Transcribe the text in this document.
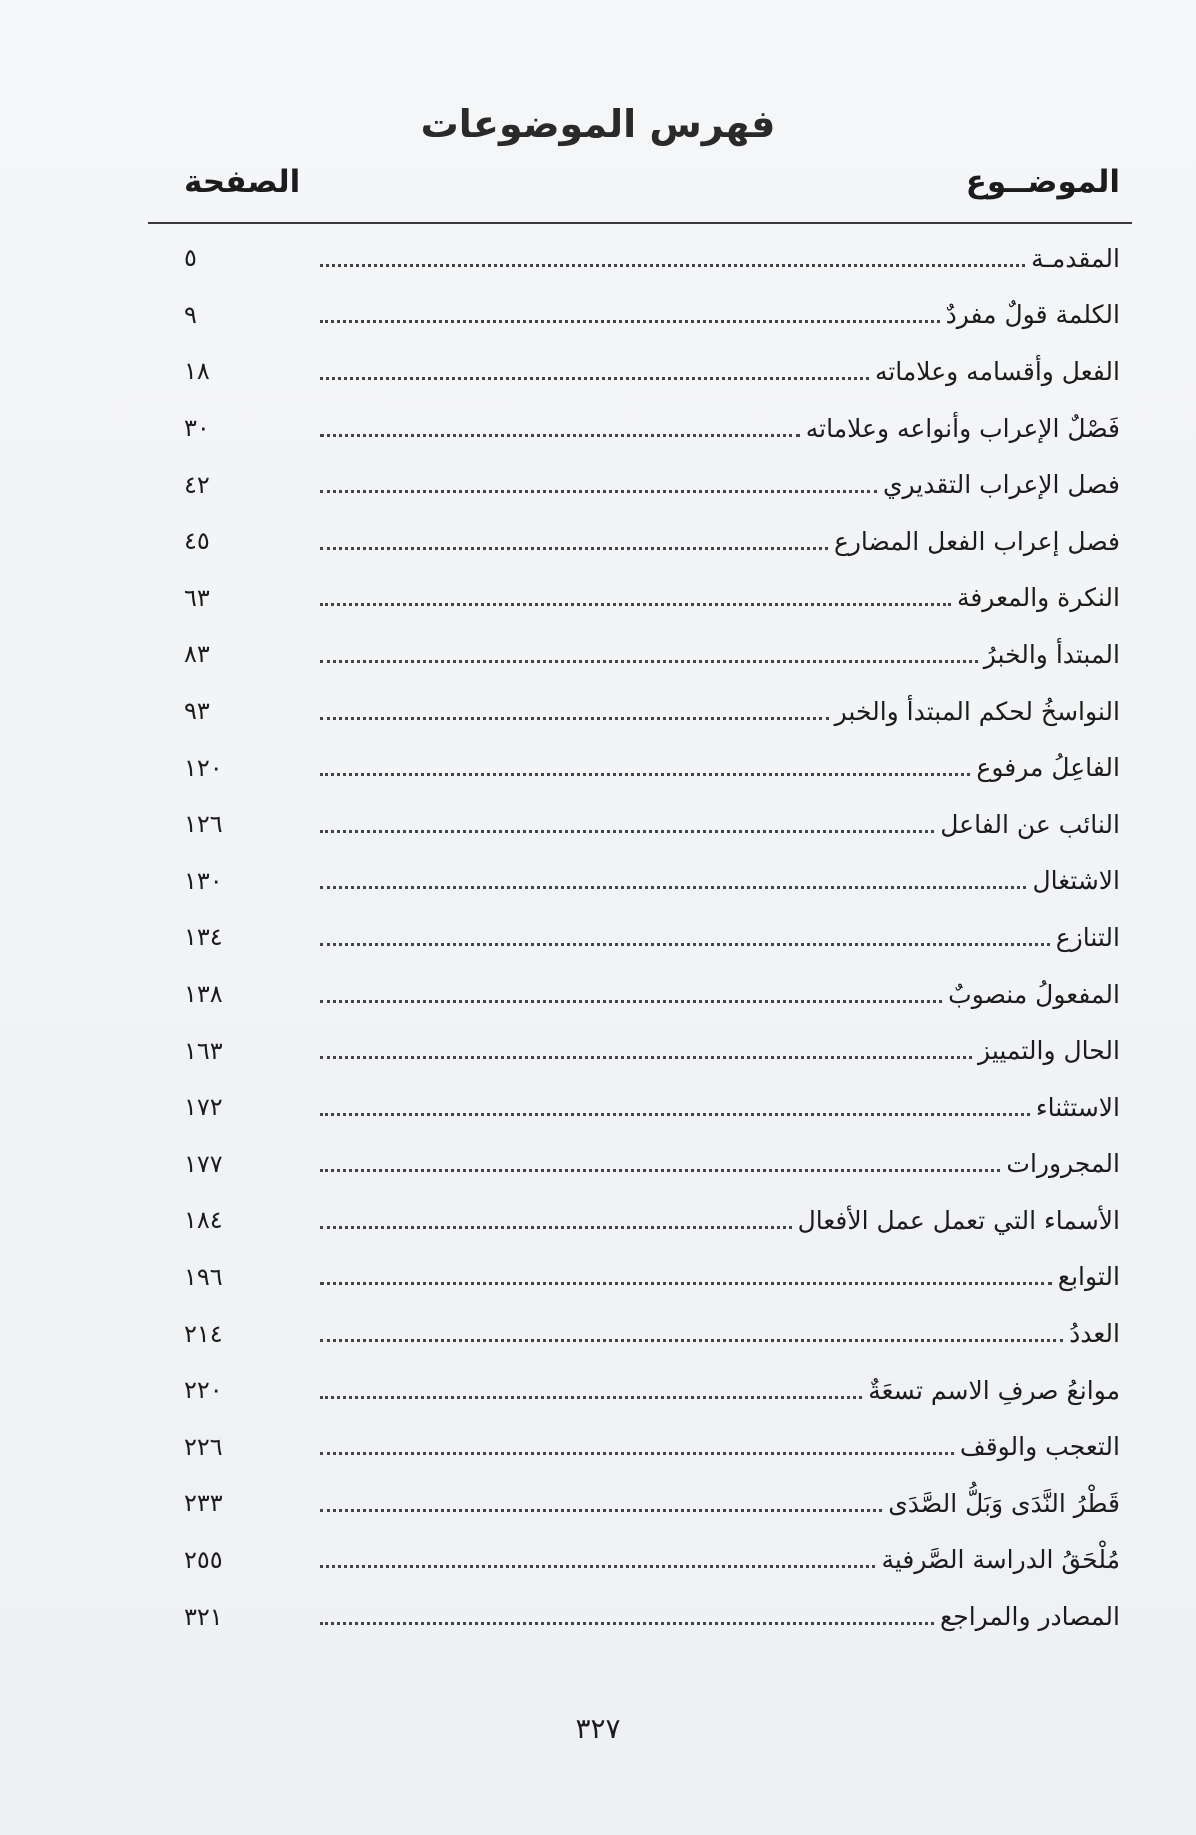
فهرس الموضوعات
الموضــوع
الصفحة
المقدمـة
٥
الكلمة قولٌ مفردٌ
٩
الفعل وأقسامه وعلاماته
١٨
فَصْلٌ الإعراب وأنواعه وعلاماته
٣٠
فصل الإعراب التقديري
٤٢
فصل إعراب الفعل المضارع
٤٥
النكرة والمعرفة
٦٣
المبتدأ والخبرُ
٨٣
النواسخُ لحكم المبتدأ والخبر
٩٣
الفاعِلُ مرفوع
١٢٠
النائب عن الفاعل
١٢٦
الاشتغال
١٣٠
التنازع
١٣٤
المفعولُ منصوبٌ
١٣٨
الحال والتمييز
١٦٣
الاستثناء
١٧٢
المجرورات
١٧٧
الأسماء التي تعمل عمل الأفعال
١٨٤
التوابع
١٩٦
العددُ
٢١٤
موانعُ صرفِ الاسم تسعَةٌ
٢٢٠
التعجب والوقف
٢٢٦
قَطْرُ النَّدَى وَبَلُّ الصَّدَى
٢٣٣
مُلْحَقُ الدراسة الصَّرفية
٢٥٥
المصادر والمراجع
٣٢١
٣٢٧
